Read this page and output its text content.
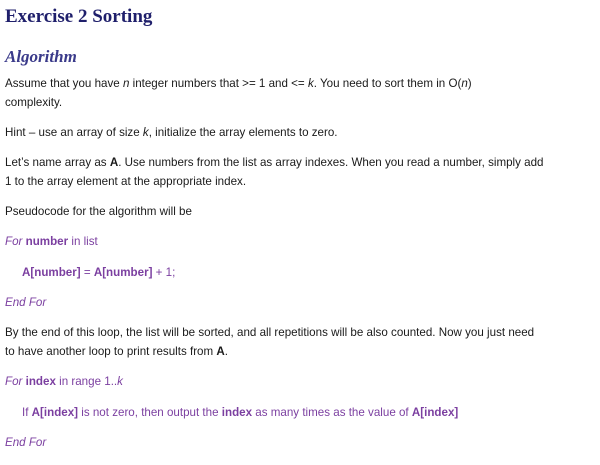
Exercise 2 Sorting
Algorithm

Assume that you have n integer numbers that >= 1 and <= k. You need to sort them in O(n)

complexity.

Hint – use an array of size k, initialize the array elements to zero.

Let’s name array as A. Use numbers from the list as array indexes. When you read a number, simply add

1 to the array element at the appropriate index.

Pseudocode for the algorithm will be

For number in list

A[number] = A[number] + 1;

End For

By the end of this loop, the list will be sorted, and all repetitions will be also counted. Now you just need

to have another loop to print results from A.

For index in range 1..k

If A[index] is not zero, then output the index as many times as the value of A[index]

End For
